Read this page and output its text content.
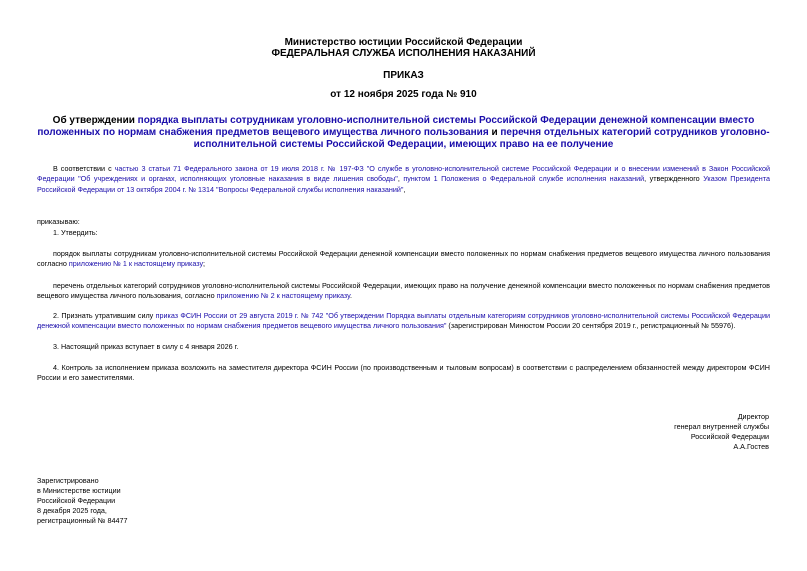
Министерство юстиции Российской Федерации
ФЕДЕРАЛЬНАЯ СЛУЖБА ИСПОЛНЕНИЯ НАКАЗАНИЙ
ПРИКАЗ
от 12 ноября 2025 года № 910
Об утверждении порядка выплаты сотрудникам уголовно-исполнительной системы Российской Федерации денежной компенсации вместо положенных по нормам снабжения предметов вещевого имущества личного пользования и перечня отдельных категорий сотрудников уголовно-исполнительной системы Российской Федерации, имеющих право на ее получение
В соответствии с частью 3 статьи 71 Федерального закона от 19 июля 2018 г. № 197-ФЗ "О службе в уголовно-исполнительной системе Российской Федерации и о внесении изменений в Закон Российской Федерации "Об учреждениях и органах, исполняющих уголовные наказания в виде лишения свободы", пунктом 1 Положения о Федеральной службе исполнения наказаний, утвержденного Указом Президента Российской Федерации от 13 октября 2004 г. № 1314 "Вопросы Федеральной службы исполнения наказаний",
приказываю:
1. Утвердить:
порядок выплаты сотрудникам уголовно-исполнительной системы Российской Федерации денежной компенсации вместо положенных по нормам снабжения предметов вещевого имущества личного пользования согласно приложению № 1 к настоящему приказу;
перечень отдельных категорий сотрудников уголовно-исполнительной системы Российской Федерации, имеющих право на получение денежной компенсации вместо положенных по нормам снабжения предметов вещевого имущества личного пользования, согласно приложению № 2 к настоящему приказу.
2. Признать утратившим силу приказ ФСИН России от 29 августа 2019 г. № 742 "Об утверждении Порядка выплаты отдельным категориям сотрудников уголовно-исполнительной системы Российской Федерации денежной компенсации вместо положенных по нормам снабжения предметов вещевого имущества личного пользования" (зарегистрирован Минюстом России 20 сентября 2019 г., регистрационный № 55976).
3. Настоящий приказ вступает в силу с 4 января 2026 г.
4. Контроль за исполнением приказа возложить на заместителя директора ФСИН России (по производственным и тыловым вопросам) в соответствии с распределением обязанностей между директором ФСИН России и его заместителями.
Директор
генерал внутренней службы
Российской Федерации
А.А.Гостев
Зарегистрировано
в Министерстве юстиции
Российской Федерации
8 декабря 2025 года,
регистрационный № 84477
